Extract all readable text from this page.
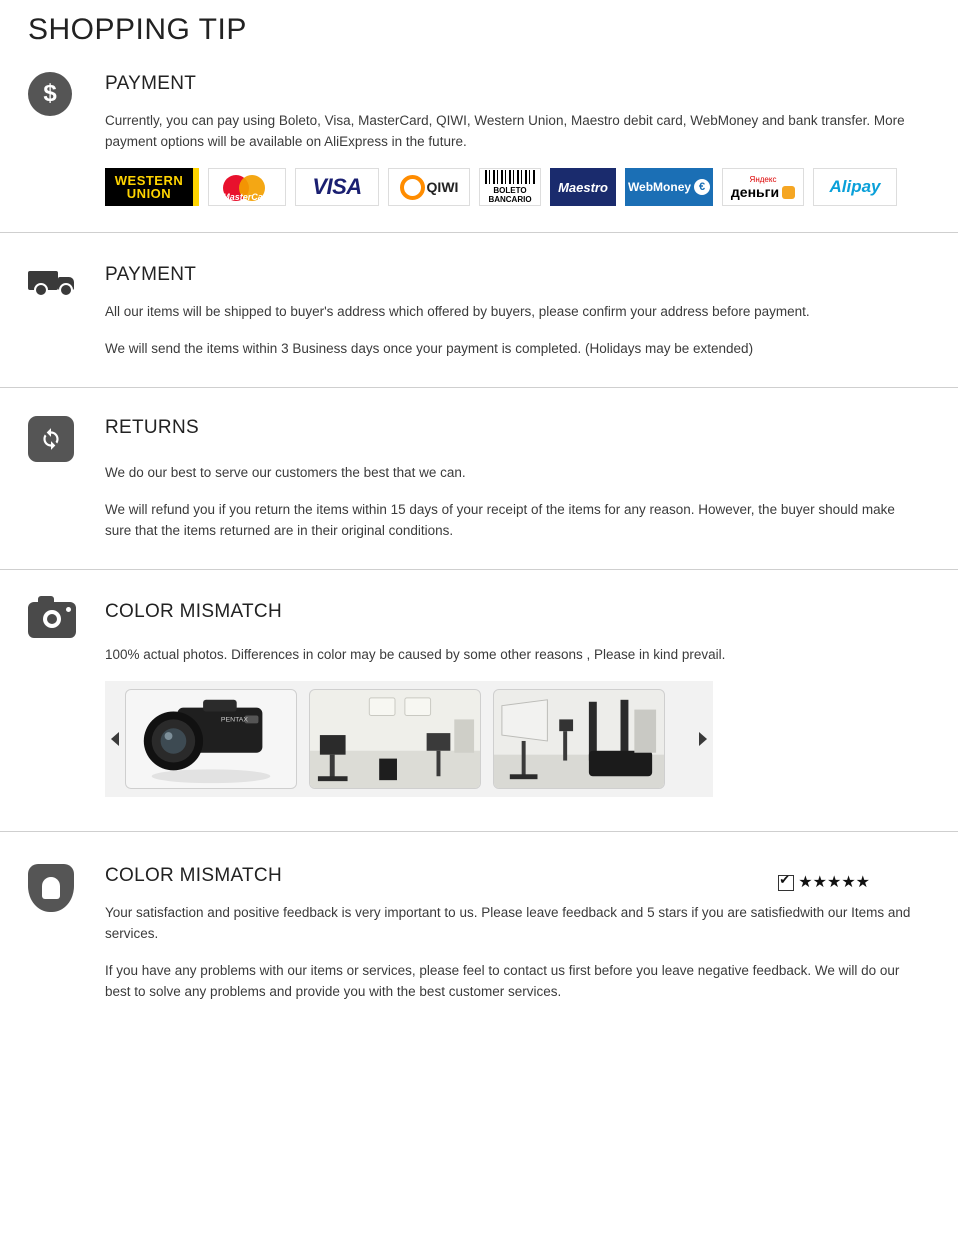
SHOPPING TIP
$	PAYMENT

Currently, you can pay using Boleto, Visa, MasterCard, QIWI, Western Union, Maestro debit card, WebMoney and bank transfer. More payment options will be available on AliExpress in the future.

WESTERN
UNION	MasterCard	VISA	QIWI	BOLETO
BANCARIO
Maestro WebMoney €
Яндекс
деньги	Alipay
PAYMENT

All our items will be shipped to buyer's address which offered by buyers, please confirm your address before payment.

We will send the items within 3 Business days once your payment is completed. (Holidays may be extended)

RETURNS

We do our best to serve our customers the best that we can.

We will refund you if you return the items within 15 days of your receipt of the items for any reason. However, the buyer should make sure that the items returned are in their original conditions.

COLOR MISMATCH

100% actual photos. Differences in color may be caused by some other reasons , Please in kind prevail.

PENTAX
COLOR MISMATCH ✔	★★★★★

Your satisfaction and positive feedback is very important to us. Please leave feedback and 5 stars if you are satisfiedwith our Items and services.

If you have any problems with our items or services, please feel to contact us first before you leave negative feedback. We will do our best to solve any problems and provide you with the best customer services.
